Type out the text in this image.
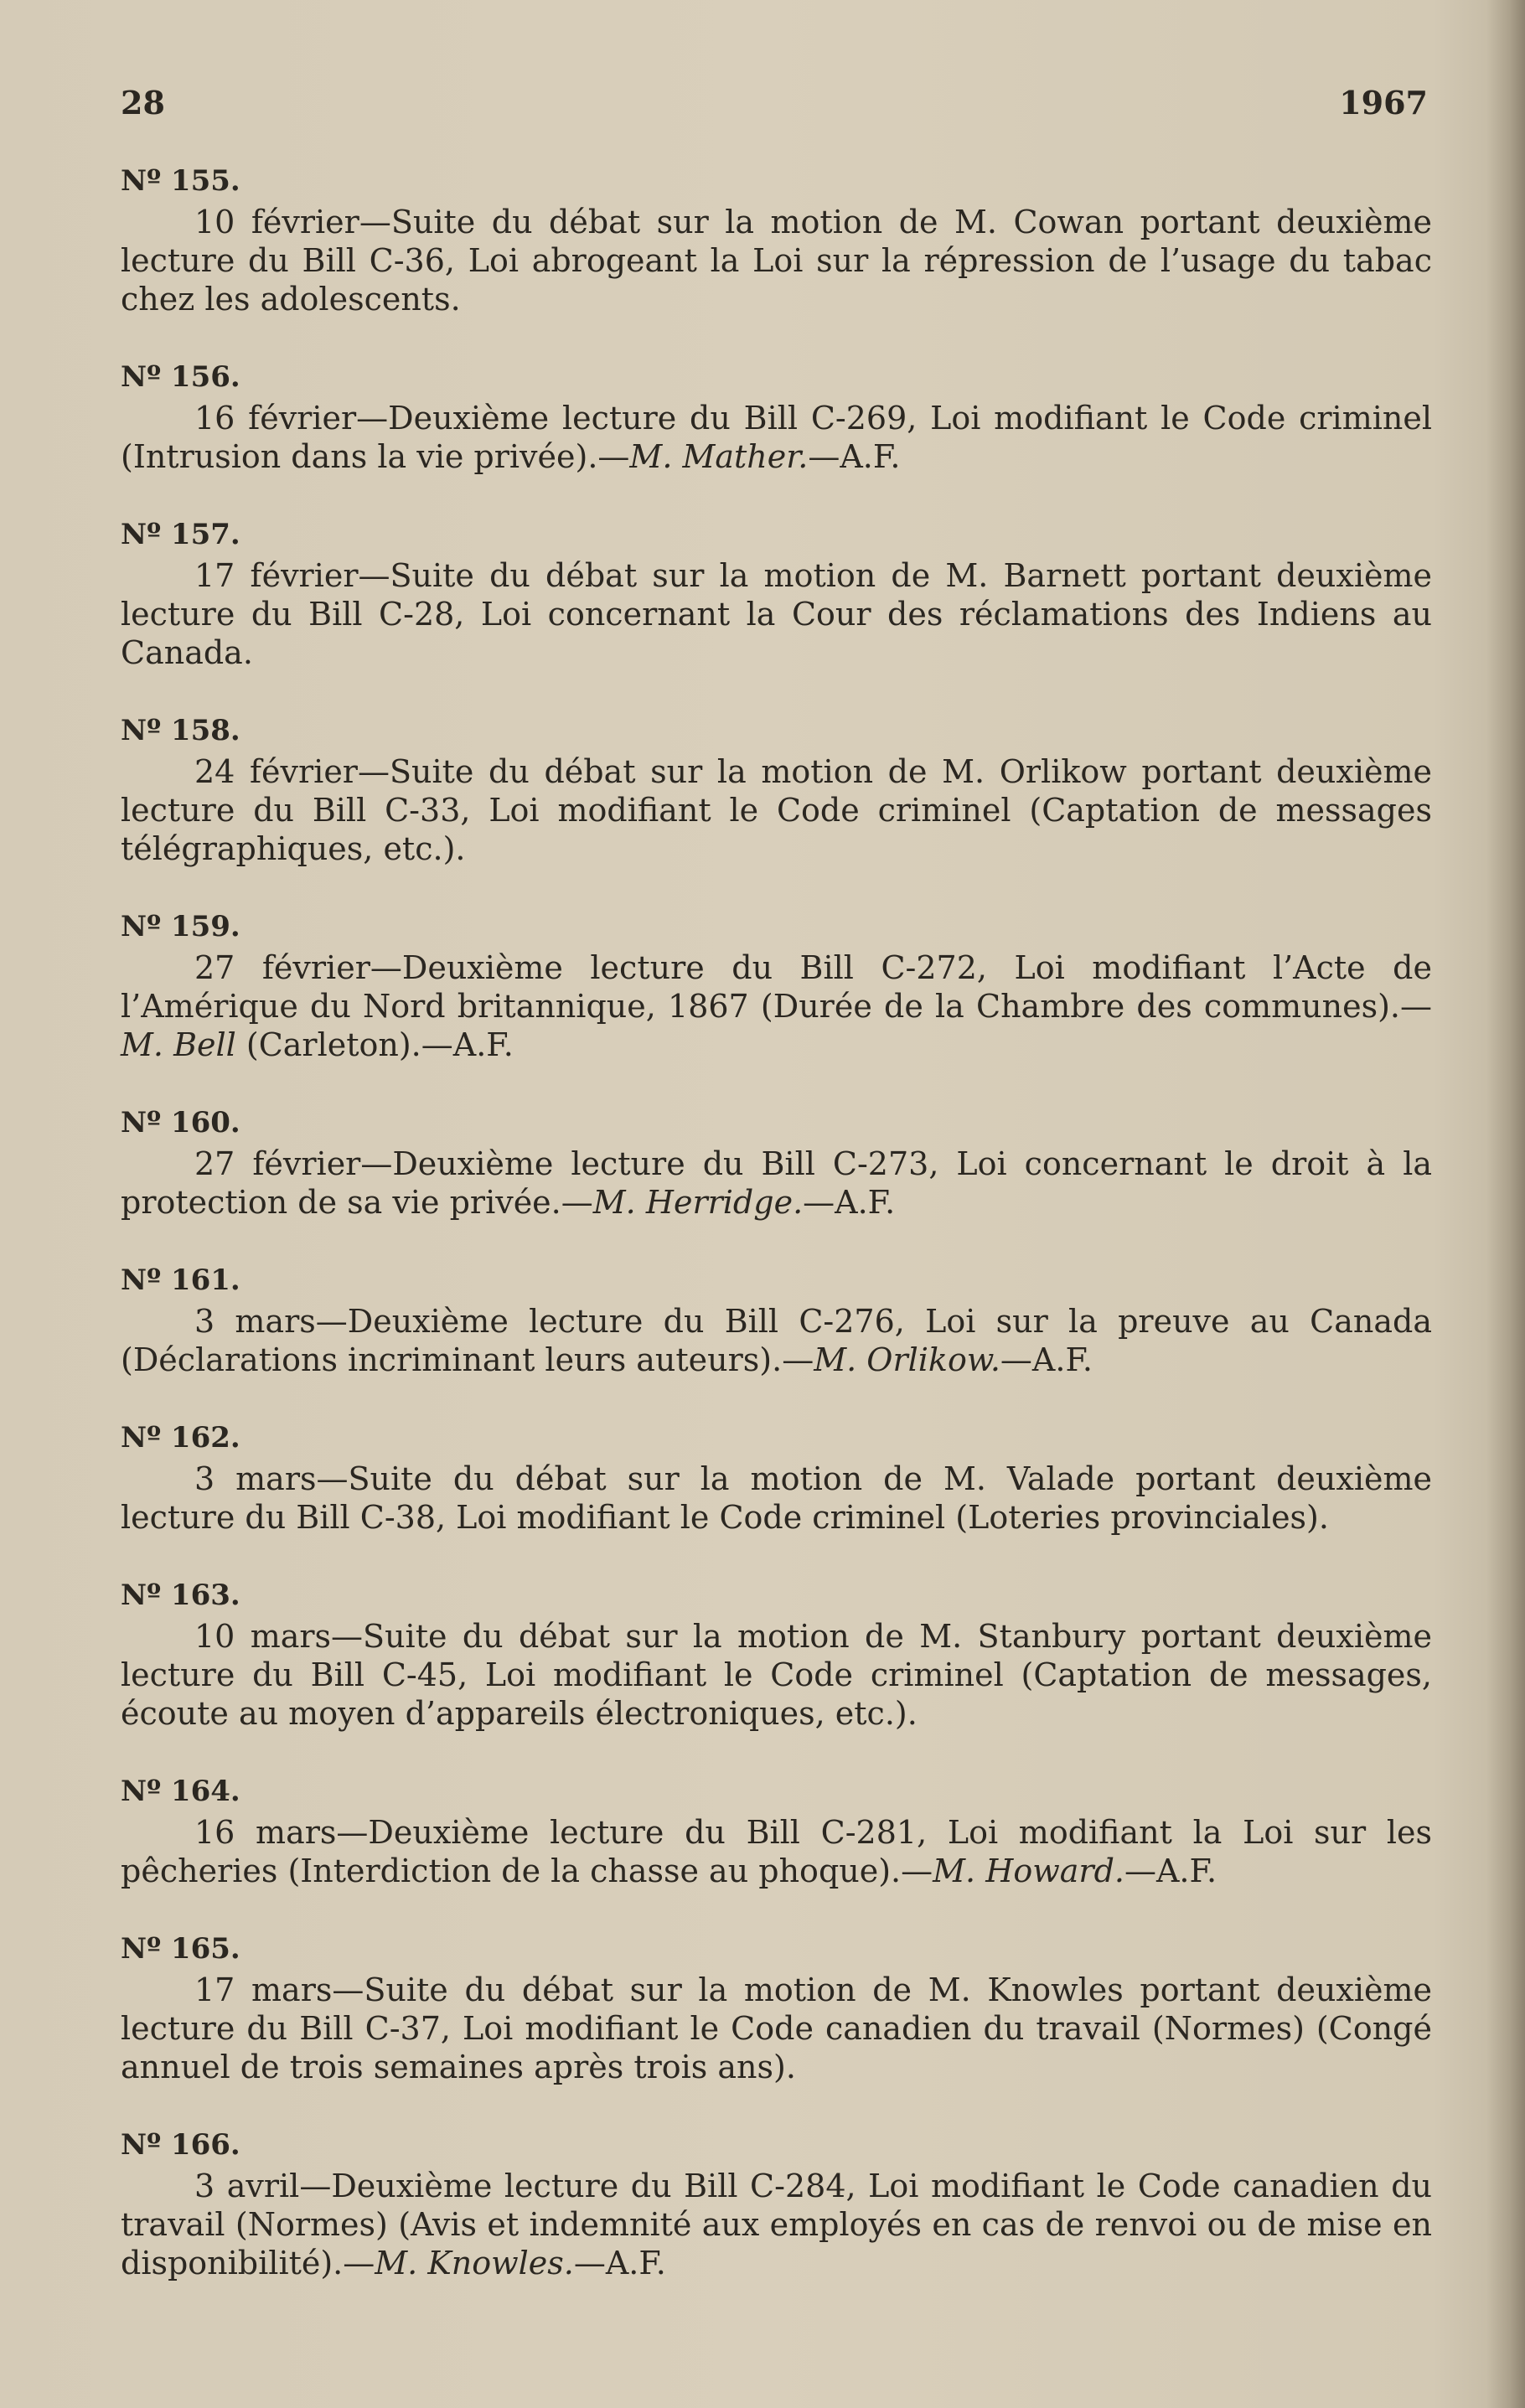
28	1967
Nº 155.

10 février—Suite du débat sur la motion de M. Cowan portant deuxième lecture du Bill C-36, Loi abrogeant la Loi sur la répression de l’usage du tabac chez les adolescents.

Nº 156.

16 février—Deuxième lecture du Bill C-269, Loi modifiant le Code criminel (Intrusion dans la vie privée).—M. Mather.—A.F.

Nº 157.

17 février—Suite du débat sur la motion de M. Barnett portant deuxième lecture du Bill C-28, Loi concernant la Cour des réclamations des Indiens au Canada.

Nº 158.

24 février—Suite du débat sur la motion de M. Orlikow portant deuxième lecture du Bill C-33, Loi modifiant le Code criminel (Captation de messages télégraphiques, etc.).

Nº 159.

27 février—Deuxième lecture du Bill C-272, Loi modifiant l’Acte de l’Amérique du Nord britannique, 1867 (Durée de la Chambre des communes).—M. Bell (Carleton).—A.F.

Nº 160.

27 février—Deuxième lecture du Bill C-273, Loi concernant le droit à la protection de sa vie privée.—M. Herridge.—A.F.

Nº 161.

3 mars—Deuxième lecture du Bill C-276, Loi sur la preuve au Canada (Déclarations incriminant leurs auteurs).—M. Orlikow.—A.F.

Nº 162.

3 mars—Suite du débat sur la motion de M. Valade portant deuxième lecture du Bill C-38, Loi modifiant le Code criminel (Loteries provinciales).

Nº 163.

10 mars—Suite du débat sur la motion de M. Stanbury portant deuxième lecture du Bill C-45, Loi modifiant le Code criminel (Captation de messages, écoute au moyen d’appareils électroniques, etc.).

Nº 164.

16 mars—Deuxième lecture du Bill C-281, Loi modifiant la Loi sur les pêcheries (Interdiction de la chasse au phoque).—M. Howard.—A.F.

Nº 165.

17 mars—Suite du débat sur la motion de M. Knowles portant deuxième lecture du Bill C-37, Loi modifiant le Code canadien du travail (Normes) (Congé annuel de trois semaines après trois ans).

Nº 166.

3 avril—Deuxième lecture du Bill C-284, Loi modifiant le Code canadien du travail (Normes) (Avis et indemnité aux employés en cas de renvoi ou de mise en disponibilité).—M. Knowles.—A.F.
